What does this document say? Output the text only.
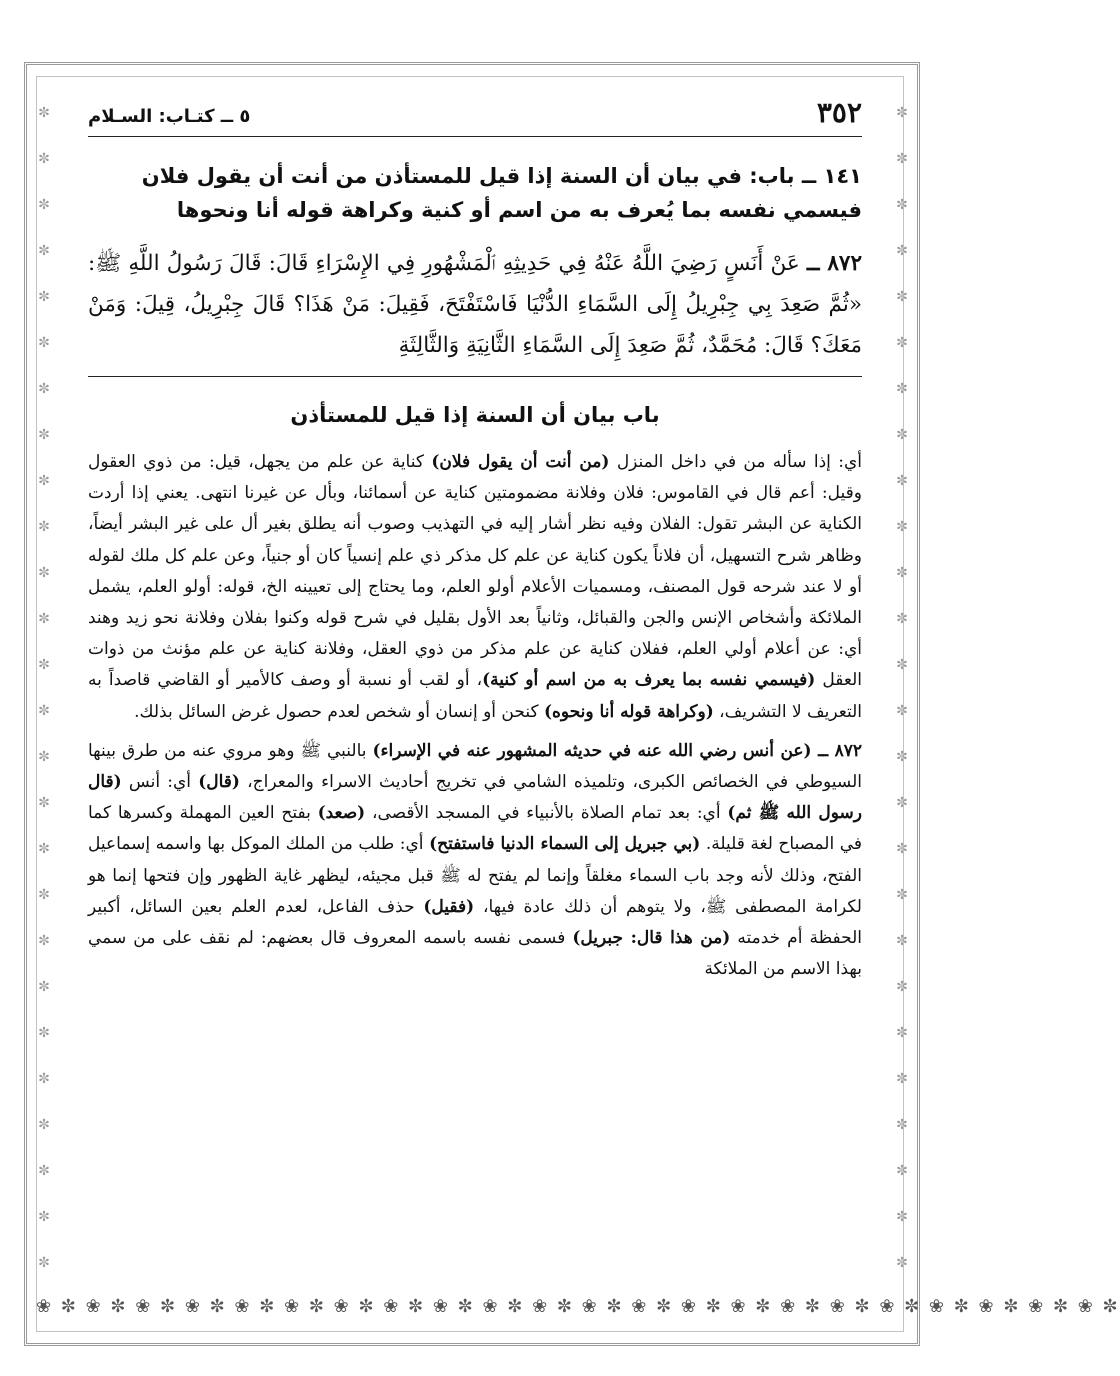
✼ ✼ ✼ ✼ ✼ ✼ ✼ ✼ ✼ ✼ ✼ ✼ ✼ ✼ ✼ ✼ ✼ ✼ ✼ ✼ ✼ ✼ ✼ ✼ ✼ ✼
✼ ✼ ✼ ✼ ✼ ✼ ✼ ✼ ✼ ✼ ✼ ✼ ✼ ✼ ✼ ✼ ✼ ✼ ✼ ✼ ✼ ✼ ✼ ✼ ✼ ✼
❀ ✼ ❀ ✼ ❀ ✼ ❀ ✼ ❀ ✼ ❀ ✼ ❀ ✼ ❀ ✼ ❀ ✼ ❀ ✼ ❀ ✼ ❀ ✼ ❀ ✼ ❀ ✼ ❀ ✼ ❀ ✼ ❀ ✼ ❀ ✼ ❀ ✼ ❀ ✼ ❀ ✼ ❀ ✼
٣٥٢
٥ ــ كتـاب: السـلام
١٤١ ــ باب: في بيان أن السنة إذا قيل للمستأذن من أنت أن يقول فلان
فيسمي نفسه بما يُعرف به من اسم أو كنية وكراهة قوله أنا ونحوها
٨٧٢ ــ عَنْ أَنَسٍ رَضِيَ اللَّهُ عَنْهُ فِي حَدِيثِهِ ٱلْمَشْهُورِ فِي الإِسْرَاءِ قَالَ: قَالَ رَسُولُ اللَّهِ ﷺ: «ثُمَّ صَعِدَ بِي جِبْرِيلُ إِلَى السَّمَاءِ الدُّنْيَا فَاسْتَفْتَحَ، فَقِيلَ: مَنْ هَذَا؟ قَالَ جِبْرِيلُ، قِيلَ: وَمَنْ مَعَكَ؟ قَالَ: مُحَمَّدٌ، ثُمَّ صَعِدَ إِلَى السَّمَاءِ الثَّانِيَةِ وَالثَّالِثَةِ
باب بيان أن السنة إذا قيل للمستأذن

أي: إذا سأله من في داخل المنزل (من أنت أن يقول فلان) كناية عن علم من يجهل، قيل: من ذوي العقول وقيل: أعم قال في القاموس: فلان وفلانة مضمومتين كناية عن أسمائنا، وبأل عن غيرنا انتهى. يعني إذا أردت الكناية عن البشر تقول: الفلان وفيه نظر أشار إليه في التهذيب وصوب أنه يطلق بغير أل على غير البشر أيضاً، وظاهر شرح التسهيل، أن فلاناً يكون كناية عن علم كل مذكر ذي علم إنسياً كان أو جنياً، وعن علم كل ملك لقوله أو لا عند شرحه قول المصنف، ومسميات الأعلام أولو العلم، وما يحتاج إلى تعيينه الخ، قوله: أولو العلم، يشمل الملائكة وأشخاص الإنس والجن والقبائل، وثانياً بعد الأول بقليل في شرح قوله وكنوا بفلان وفلانة نحو زيد وهند أي: عن أعلام أولي العلم، ففلان كناية عن علم مذكر من ذوي العقل، وفلانة كناية عن علم مؤنث من ذوات العقل (فيسمي نفسه بما يعرف به من اسم أو كنية)، أو لقب أو نسبة أو وصف كالأمير أو القاضي قاصداً به التعريف لا التشريف، (وكراهة قوله أنا ونحوه) كنحن أو إنسان أو شخص لعدم حصول غرض السائل بذلك.

٨٧٢ ــ (عن أنس رضي الله عنه في حديثه المشهور عنه في الإسراء) بالنبي ﷺ وهو مروي عنه من طرق بينها السيوطي في الخصائص الكبرى، وتلميذه الشامي في تخريج أحاديث الاسراء والمعراج، (قال) أي: أنس (قال رسول الله ﷺ ثم) أي: بعد تمام الصلاة بالأنبياء في المسجد الأقصى، (صعد) بفتح العين المهملة وكسرها كما في المصباح لغة قليلة. (بي جبريل إلى السماء الدنيا فاستفتح) أي: طلب من الملك الموكل بها واسمه إسماعيل الفتح، وذلك لأنه وجد باب السماء مغلقاً وإنما لم يفتح له ﷺ قبل مجيئه، ليظهر غاية الظهور وإن فتحها إنما هو لكرامة المصطفى ﷺ، ولا يتوهم أن ذلك عادة فيها، (فقيل) حذف الفاعل، لعدم العلم بعين السائل، أكبير الحفظة أم خدمته (من هذا قال: جبريل) فسمى نفسه باسمه المعروف قال بعضهم: لم نقف على من سمي بهذا الاسم من الملائكة
